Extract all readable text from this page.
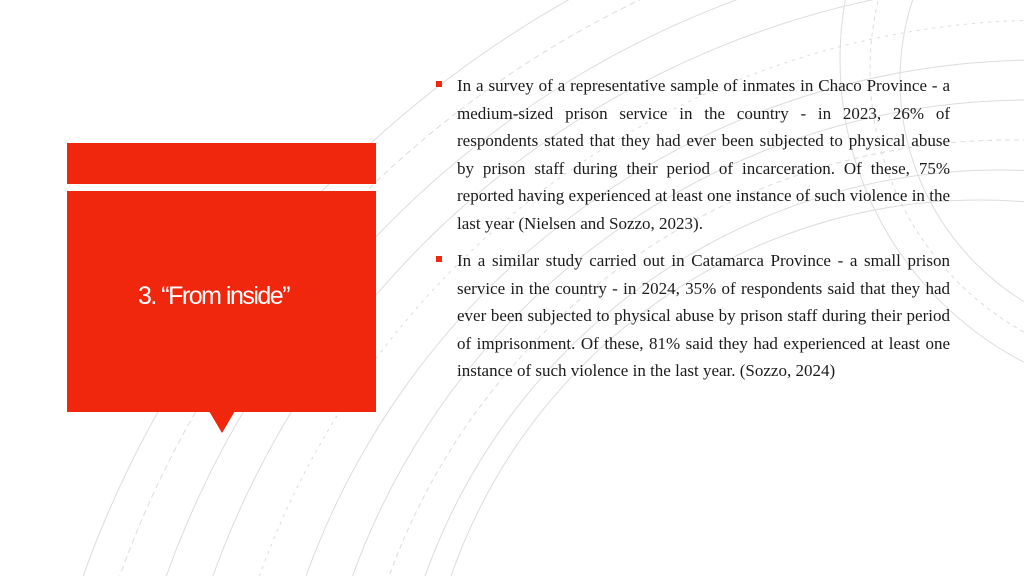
3. “From inside”
In a survey of a representative sample of inmates in Chaco Province - a medium-sized prison service in the country - in 2023, 26% of respondents stated that they had ever been subjected to physical abuse by prison staff during their period of incarceration. Of these, 75% reported having experienced at least one instance of such violence in the last year (Nielsen and Sozzo, 2023).
In a similar study carried out in Catamarca Province - a small prison service in the country - in 2024, 35% of respondents said that they had ever been subjected to physical abuse by prison staff during their period of imprisonment. Of these, 81% said they had experienced at least one instance of such violence in the last year. (Sozzo, 2024)
